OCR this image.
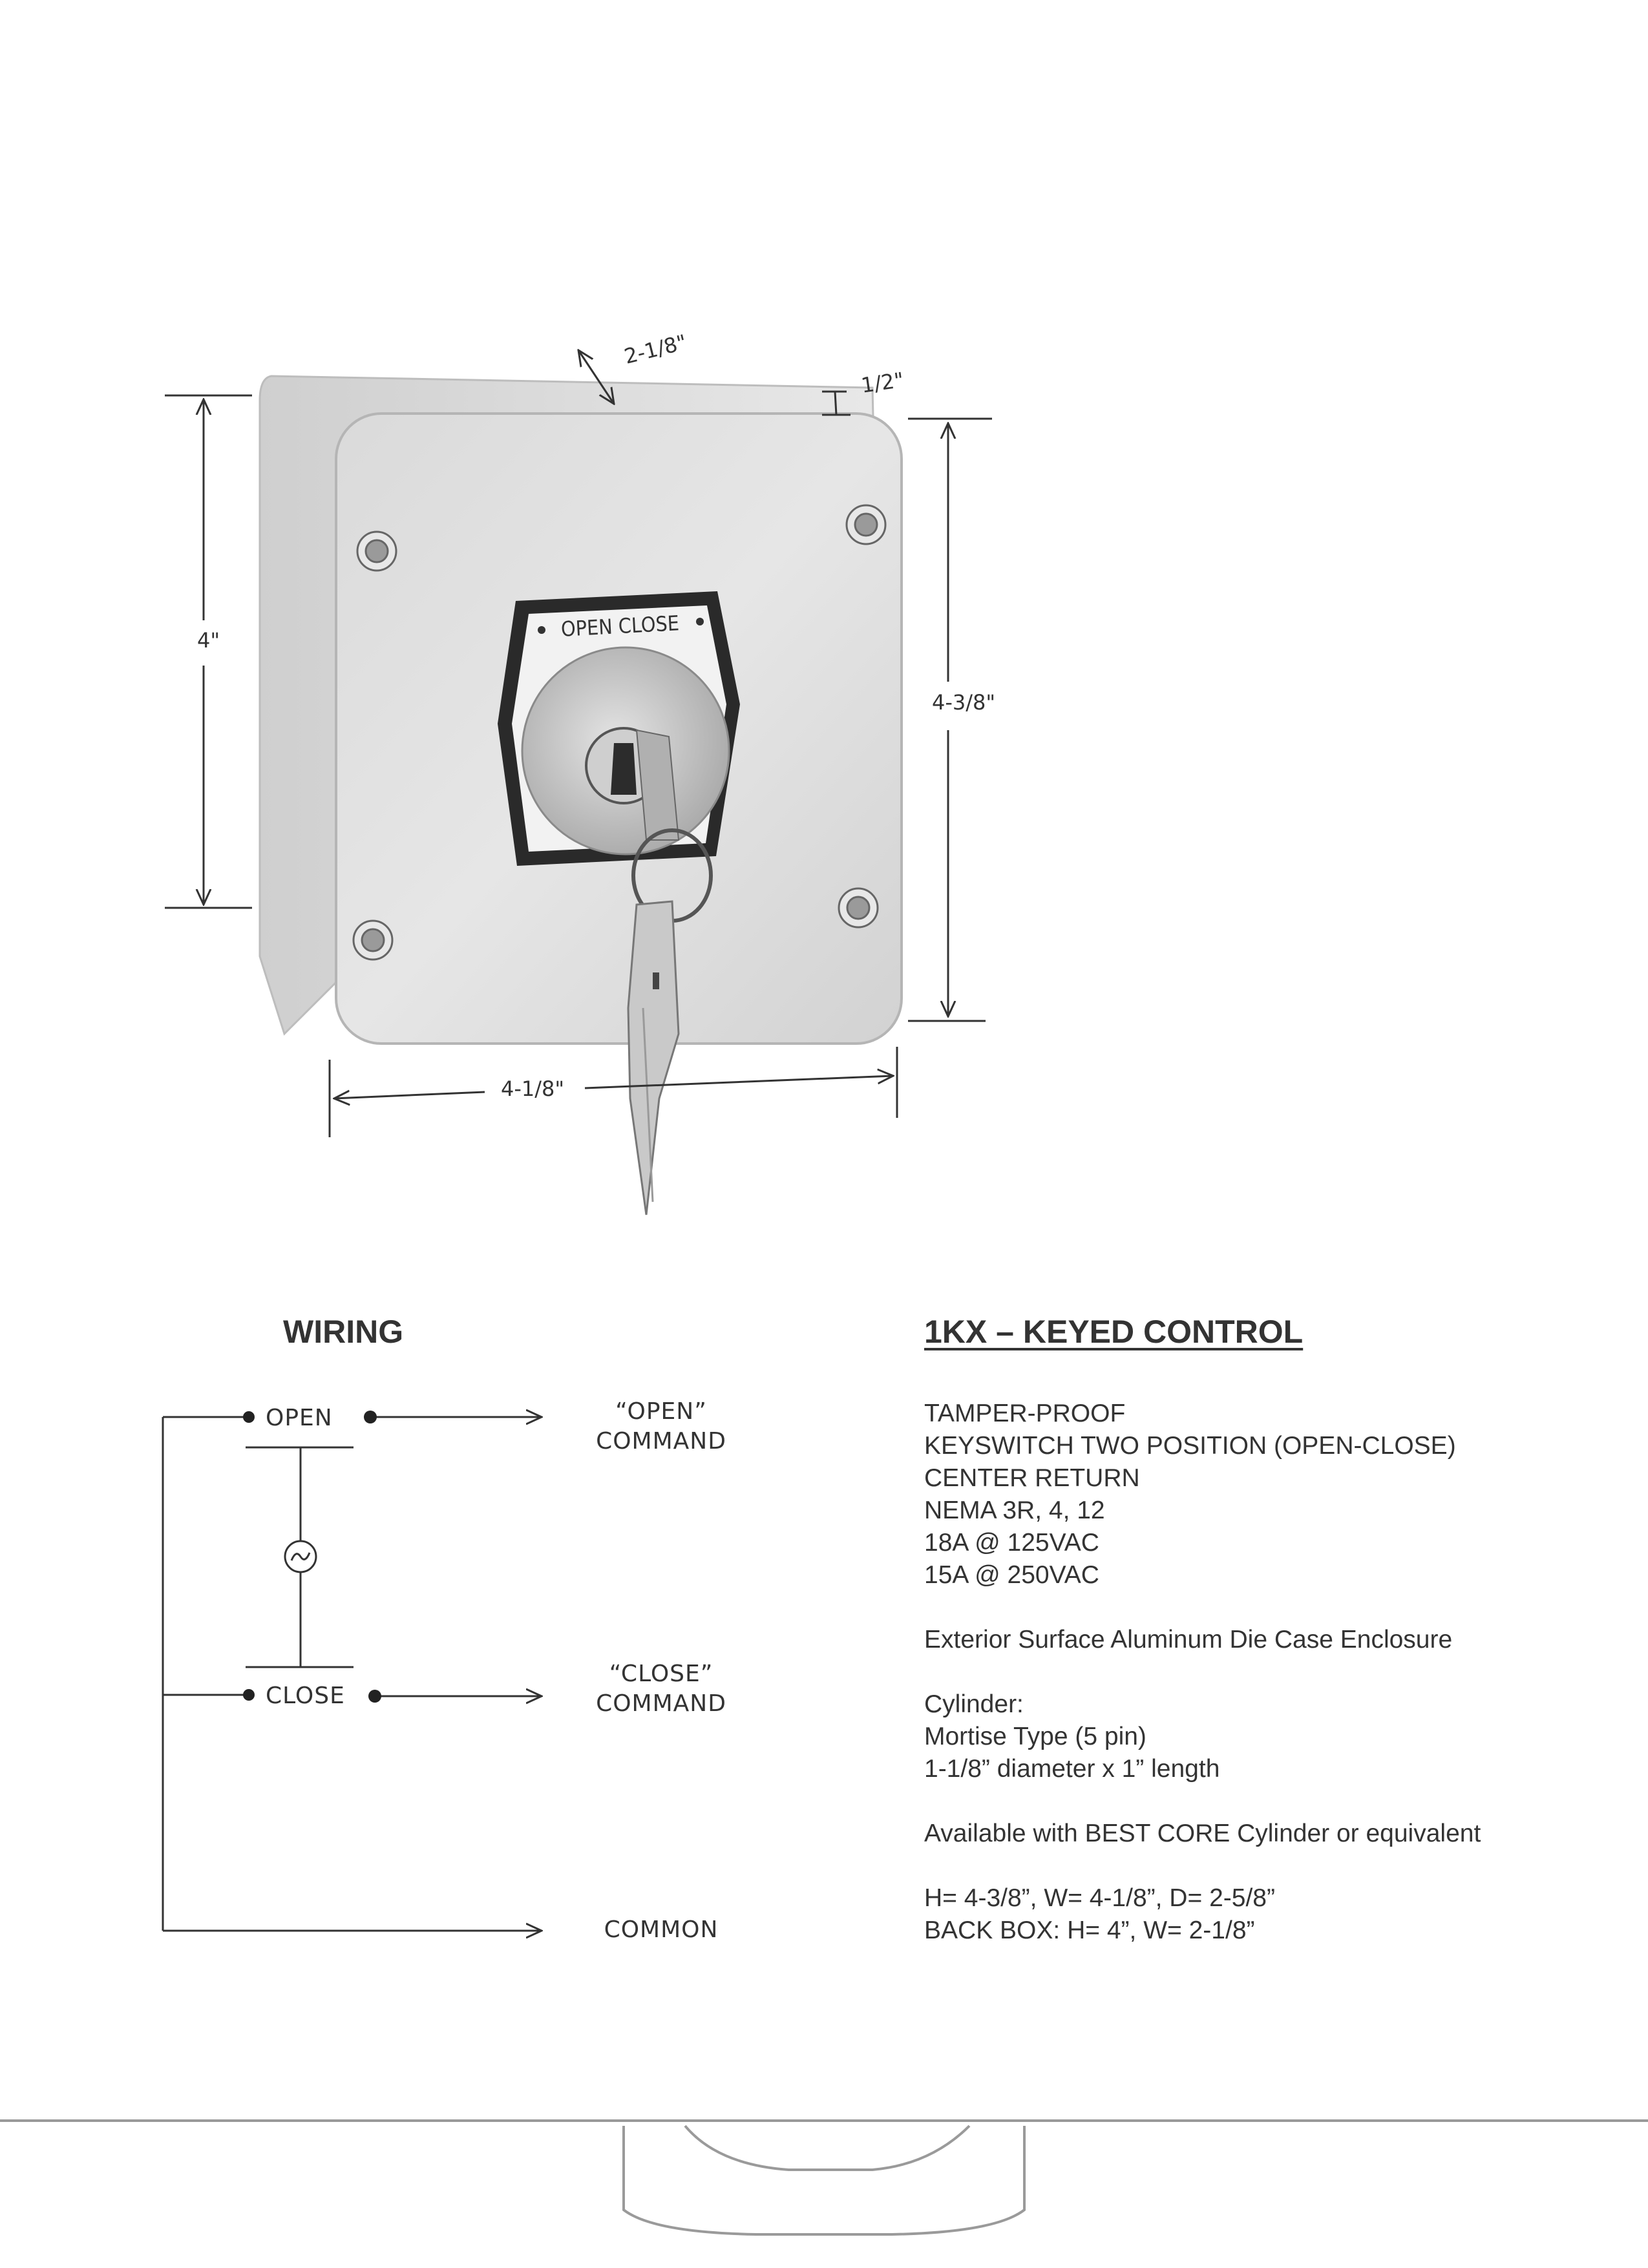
OPEN CLOSE
2-1/8"
1/2"
4"
4-3/8"
4-1/8"
WIRING
OPEN
CLOSE
“OPEN”
COMMAND
“CLOSE”
COMMAND
COMMON
1KX – KEYED CONTROL
TAMPER-PROOF
KEYSWITCH TWO POSITION (OPEN-CLOSE)
CENTER RETURN
NEMA 3R, 4, 12
18A @ 125VAC
15A @ 250VAC
Exterior Surface Aluminum Die Case Enclosure
Cylinder:
Mortise Type (5 pin)
1-1/8” diameter x 1” length
Available with BEST CORE Cylinder or equivalent
H= 4-3/8”, W= 4-1/8”, D= 2-5/8”
BACK BOX: H= 4”, W= 2-1/8”
